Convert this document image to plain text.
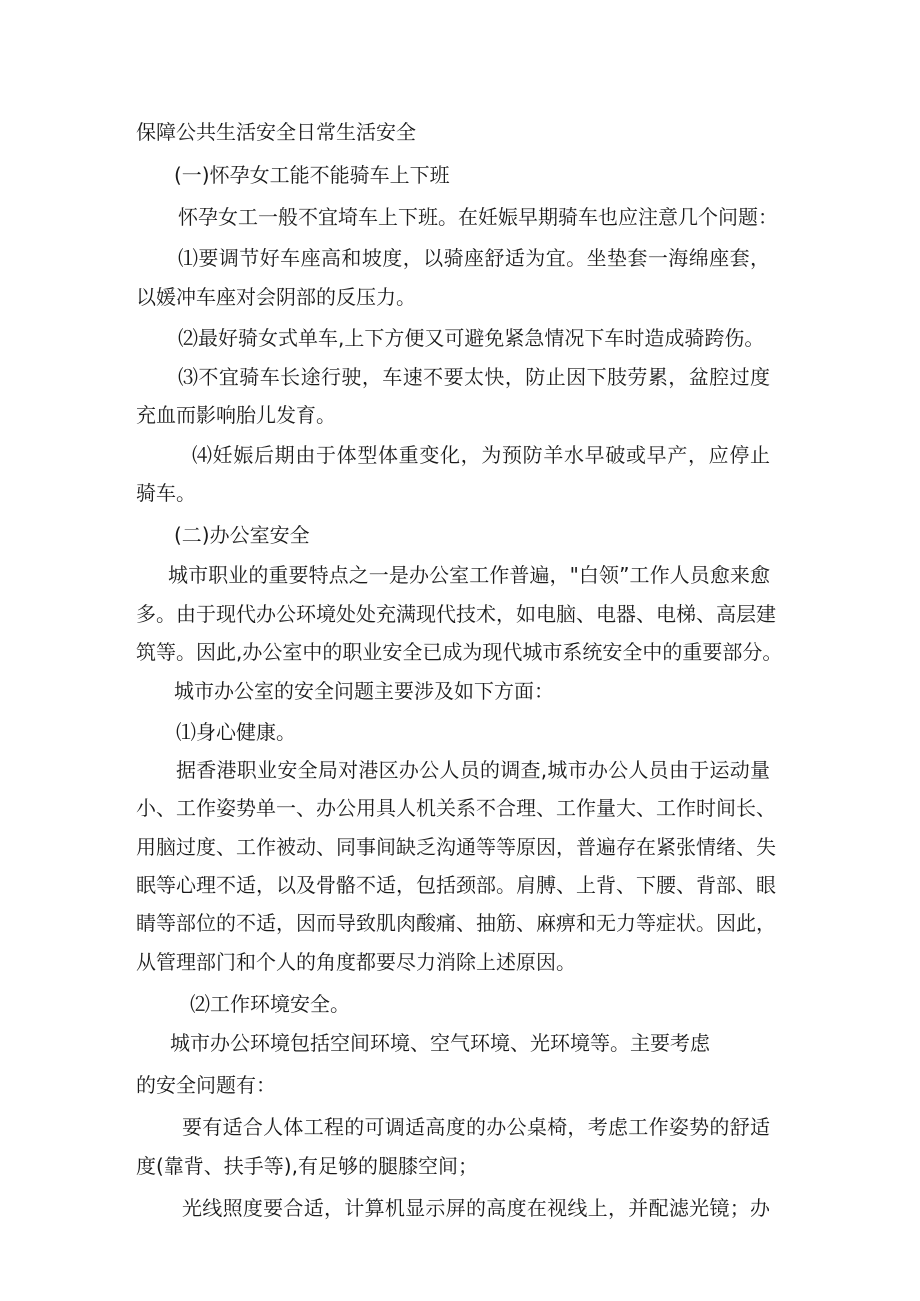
保障公共生活安全日常生活安全
(一)怀孕女工能不能骑车上下班
怀孕女工一般不宜埼车上下班。在妊娠早期骑车也应注意几个问题：
⑴要调节好车座高和坡度，以骑座舒适为宜。坐垫套一海绵座套，
以媛冲车座对会阴部的反压力。
⑵最好骑女式单车,上下方便又可避免紧急情况下车时造成骑跨伤。
⑶不宜骑车长途行驶，车速不要太快，防止因下肢劳累，盆腔过度
充血而影响胎儿发育。
⑷妊娠后期由于体型体重变化，为预防羊水早破或早产，应停止
骑车。
(二)办公室安全
城市职业的重要特点之一是办公室工作普遍，"白领”工作人员愈来愈
多。由于现代办公环境处处充满现代技术，如电脑、电器、电梯、高层建
筑等。因此,办公室中的职业安全已成为现代城市系统安全中的重要部分。
城市办公室的安全问题主要涉及如下方面：
⑴身心健康。
据香港职业安全局对港区办公人员的调查,城市办公人员由于运动量
小、工作姿势单一、办公用具人机关系不合理、工作量大、工作时间长、
用脑过度、工作被动、同事间缺乏沟通等等原因，普遍存在紧张情绪、失
眠等心理不适，以及骨骼不适，包括颈部。肩膊、上背、下腰、背部、眼
睛等部位的不适，因而导致肌肉酸痛、抽筋、麻痹和无力等症状。因此，
从管理部门和个人的角度都要尽力消除上述原因。
⑵工作环境安全。
城市办公环境包括空间环境、空气环境、光环境等。主要考虑
的安全问题有：
要有适合人体工程的可调适高度的办公桌椅，考虑工作姿势的舒适
度(靠背、扶手等),有足够的腿膝空间；
光线照度要合适，计算机显示屏的高度在视线上，并配滤光镜；办
